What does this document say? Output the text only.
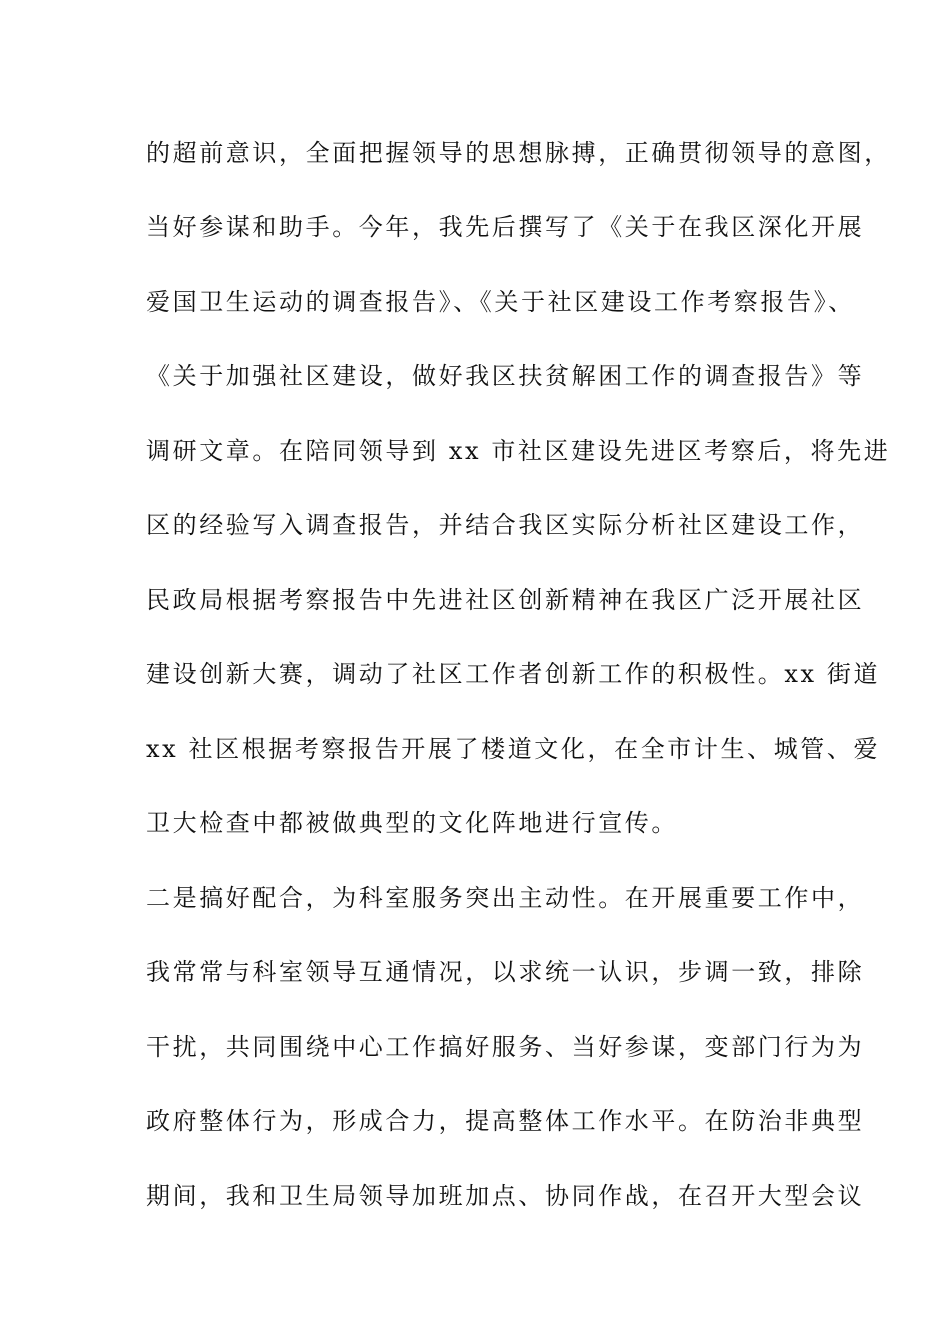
的超前意识，全面把握领导的思想脉搏，正确贯彻领导的意图，
当好参谋和助手。今年，我先后撰写了《关于在我区深化开展
爱国卫生运动的调查报告》、《关于社区建设工作考察报告》、
《关于加强社区建设，做好我区扶贫解困工作的调查报告》等
调研文章。在陪同领导到 xx 市社区建设先进区考察后，将先进
区的经验写入调查报告，并结合我区实际分析社区建设工作，
民政局根据考察报告中先进社区创新精神在我区广泛开展社区
建设创新大赛，调动了社区工作者创新工作的积极性。xx 街道
xx 社区根据考察报告开展了楼道文化，在全市计生、城管、爱
卫大检查中都被做典型的文化阵地进行宣传。
二是搞好配合，为科室服务突出主动性。在开展重要工作中，
我常常与科室领导互通情况，以求统一认识，步调一致，排除
干扰，共同围绕中心工作搞好服务、当好参谋，变部门行为为
政府整体行为，形成合力，提高整体工作水平。在防治非典型
期间，我和卫生局领导加班加点、协同作战，在召开大型会议
